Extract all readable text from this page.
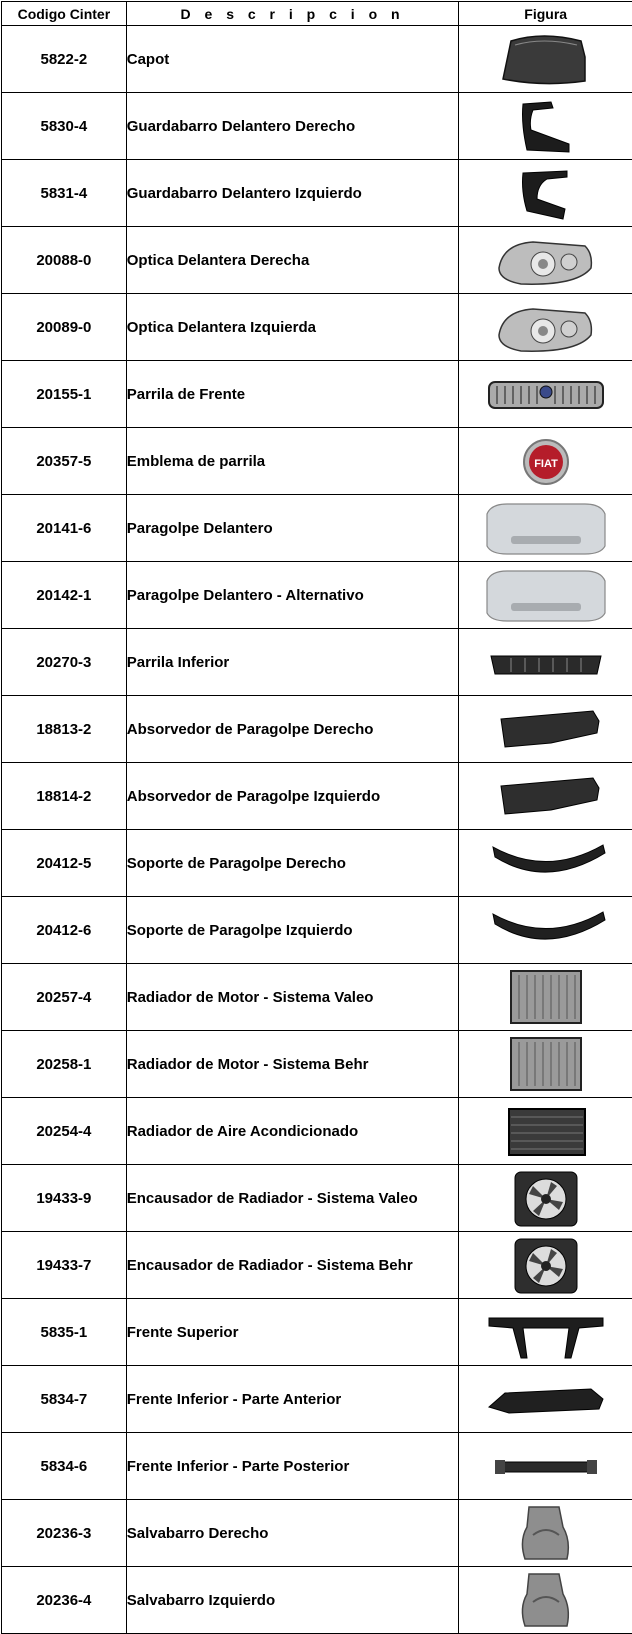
Codigo Cinter	D e s c r i p c i o n	Figura
5822-2	Capot	

5830-4	Guardabarro Delantero Derecho	

5831-4	Guardabarro Delantero Izquierdo	

20088-0	Optica Delantera Derecha	

20089-0	Optica Delantera Izquierda	

20155-1	Parrila de Frente	

20357-5	Emblema de parrila	FIAT

20141-6	Paragolpe Delantero	

20142-1	Paragolpe Delantero - Alternativo	

20270-3	Parrila Inferior	

18813-2	Absorvedor de Paragolpe Derecho	

18814-2	Absorvedor de Paragolpe Izquierdo	

20412-5	Soporte de Paragolpe Derecho	

20412-6	Soporte de Paragolpe Izquierdo	

20257-4	Radiador de Motor - Sistema Valeo	

20258-1	Radiador de Motor - Sistema Behr	

20254-4	Radiador de Aire Acondicionado	

19433-9	Encausador de Radiador - Sistema Valeo	

19433-7	Encausador de Radiador - Sistema Behr	

5835-1	Frente Superior	

5834-7	Frente Inferior - Parte Anterior	

5834-6	Frente Inferior - Parte Posterior	

20236-3	Salvabarro Derecho	

20236-4	Salvabarro Izquierdo	
